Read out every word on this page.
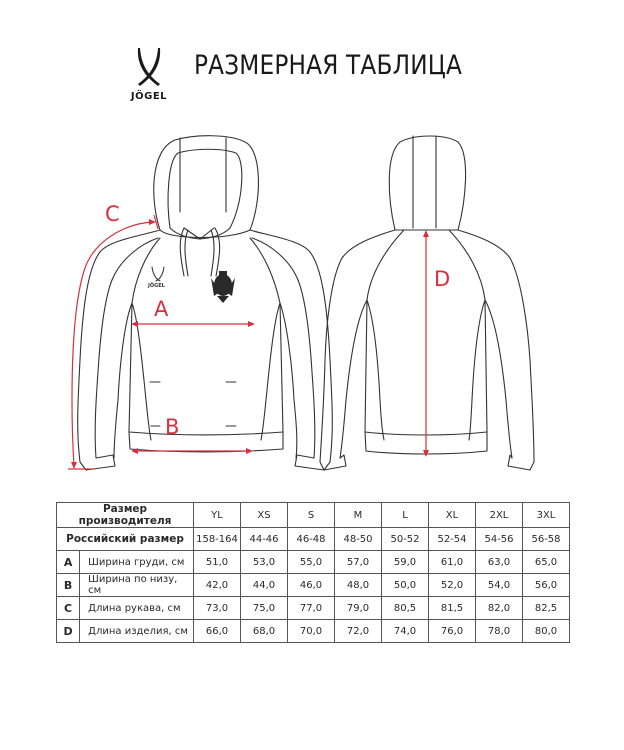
JÖGEL
РАЗМЕРНАЯ ТАБЛИЦА
A
B
C
D
JÖGEL
Размер производителя		YL	XS	S	M	L	XL	2XL	3XL
Российский размер		158-164	44-46	46-48	48-50	50-52	52-54	54-56	56-58
A	Ширина груди, см	51,0	53,0	55,0	57,0	59,0	61,0	63,0	65,0
B	Ширина по низу, см	42,0	44,0	46,0	48,0	50,0	52,0	54,0	56,0
C	Длина рукава, см	73,0	75,0	77,0	79,0	80,5	81,5	82,0	82,5
D	Длина изделия, см	66,0	68,0	70,0	72,0	74,0	76,0	78,0	80,0
